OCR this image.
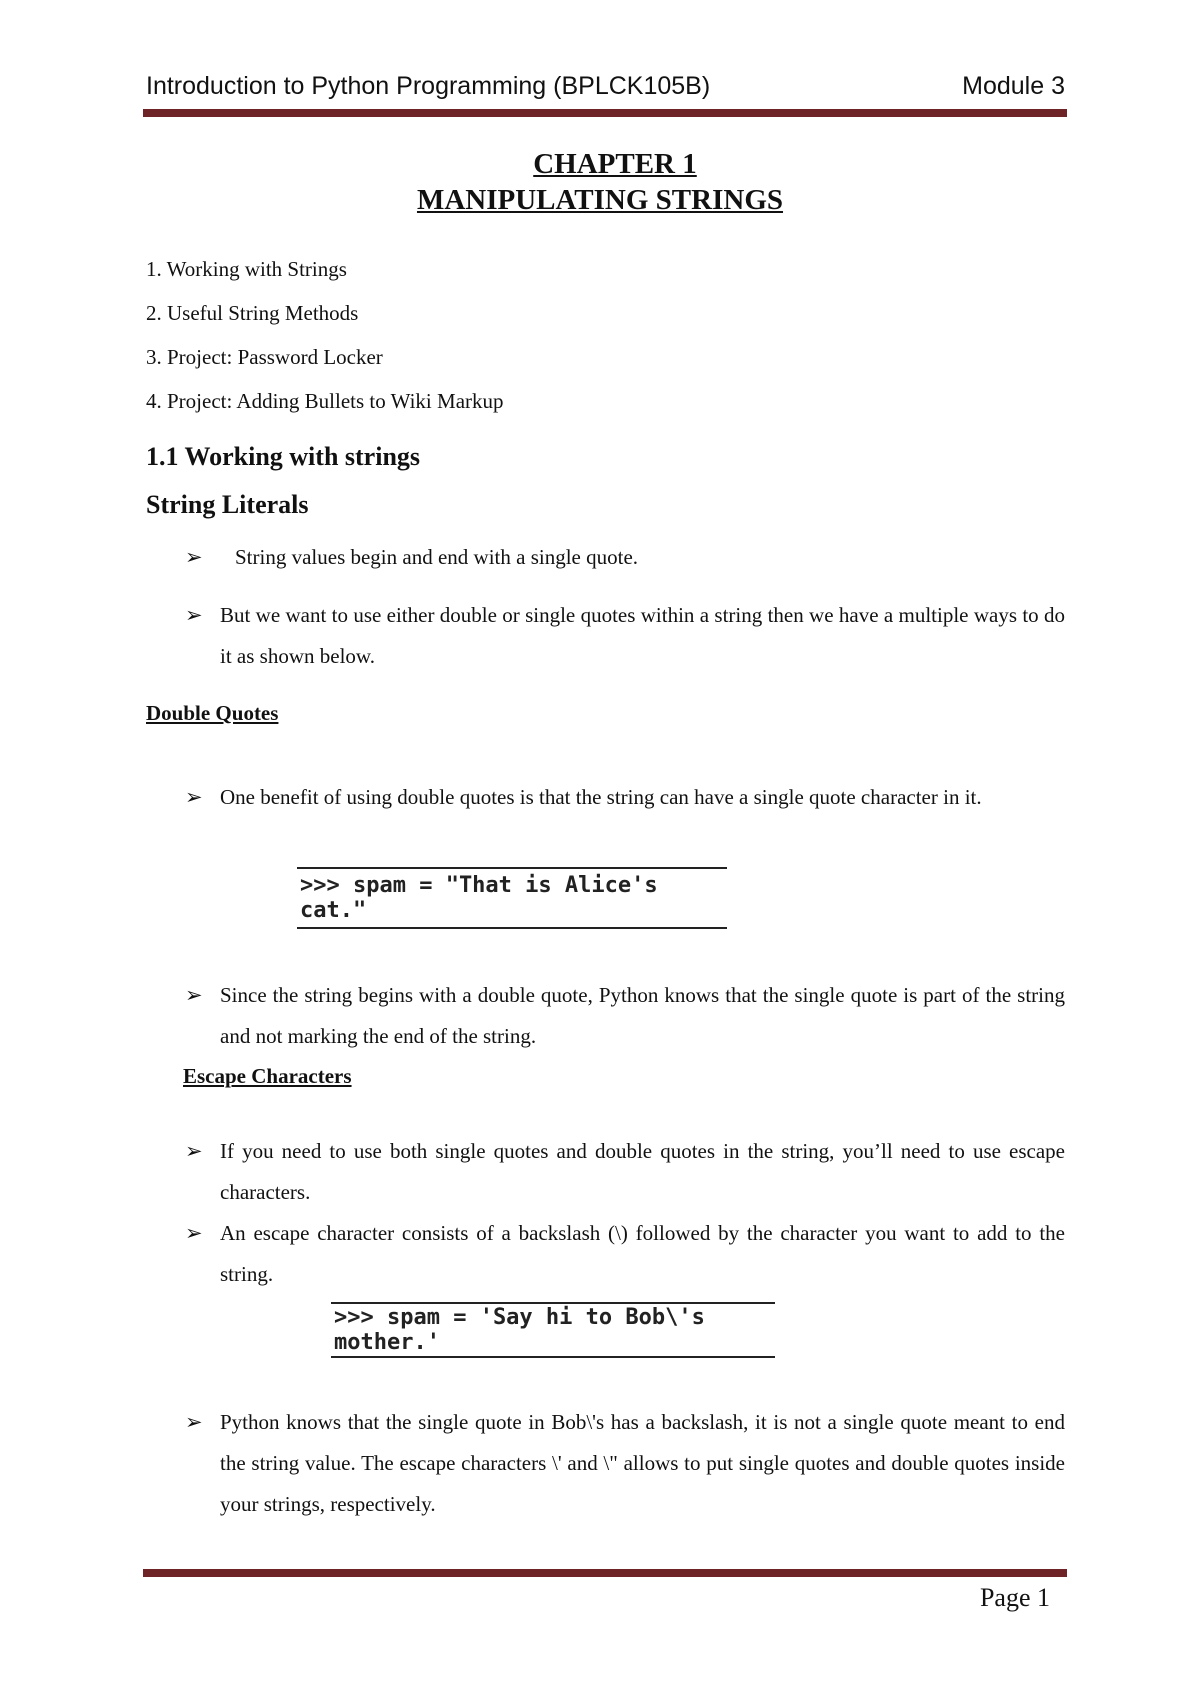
Introduction to Python Programming (BPLCK105B)	Module 3
CHAPTER 1
MANIPULATING STRINGS
1. Working with Strings
2. Useful String Methods
3. Project: Password Locker
4. Project: Adding Bullets to Wiki Markup
1.1 Working with strings
String Literals
➢ String values begin and end with a single quote.
➢ But we want to use either double or single quotes within a string then we have a multiple ways to do it as shown below.
Double Quotes
➢ One benefit of using double quotes is that the string can have a single quote character in it.
>>> spam = "That is Alice's cat."
➢ Since the string begins with a double quote, Python knows that the single quote is part of the string and not marking the end of the string.
Escape Characters
➢ If you need to use both single quotes and double quotes in the string, you’ll need to use escape characters.
➢ An escape character consists of a backslash (\) followed by the character you want to add to the string.
>>> spam = 'Say hi to Bob\'s mother.'
➢ Python knows that the single quote in Bob\'s has a backslash, it is not a single quote meant to end the string value. The escape characters \' and \" allows to put single quotes and double quotes inside your strings, respectively.
Page 1
